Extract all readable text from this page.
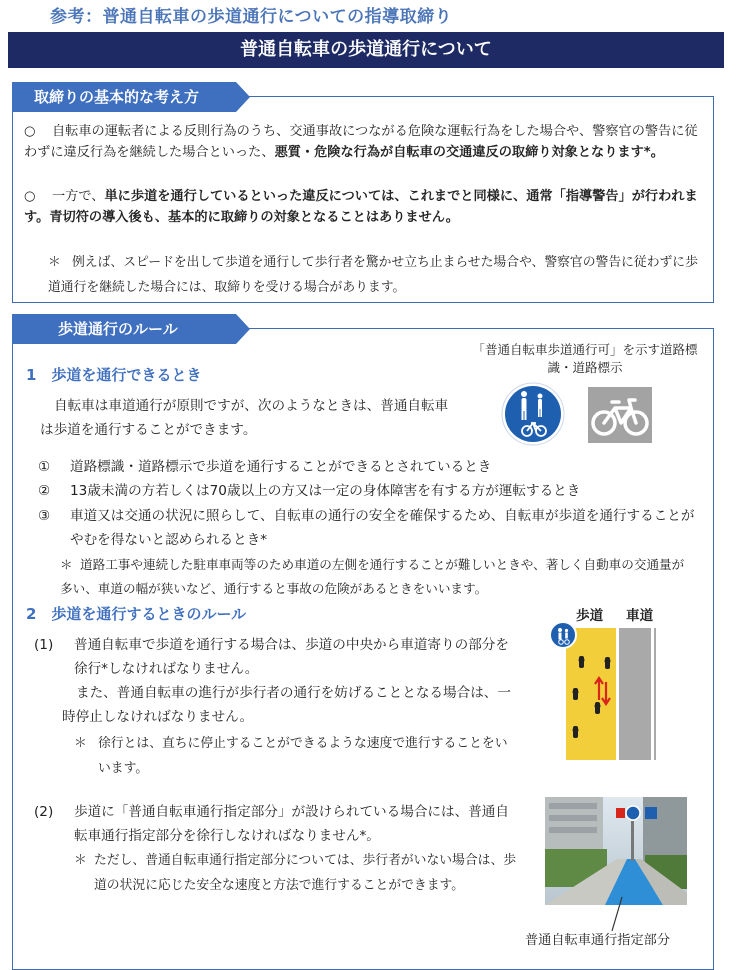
参考：普通自転車の歩道通行についての指導取締り
普通自転車の歩道通行について
取締りの基本的な考え方
○ 自転車の運転者による反則行為のうち、交通事故につながる危険な運転行為をした場合や、警察官の警告に従わずに違反行為を継続した場合といった、悪質・危険な行為が自転車の交通違反の取締り対象となります*。
○ 一方で、単に歩道を通行しているといった違反については、これまでと同様に、通常「指導警告」が行われます。青切符の導入後も、基本的に取締りの対象となることはありません。
＊ 例えば、スピードを出して歩道を通行して歩行者を驚かせ立ち止まらせた場合や、警察官の警告に従わずに歩道通行を継続した場合には、取締りを受ける場合があります。
歩道通行のルール
1　歩道を通行できるとき
自転車は車道通行が原則ですが、次のようなときは、普通自転車は歩道を通行することができます。
「普通自転車歩道通行可」を示す道路標識・道路標示
① 道路標識・道路標示で歩道を通行することができるとされているとき
② 13歳未満の方若しくは70歳以上の方又は一定の身体障害を有する方が運転するとき
③ 車道又は交通の状況に照らして、自転車の通行の安全を確保するため、自転車が歩道を通行することがやむを得ないと認められるとき*
＊ 道路工事や連続した駐車車両等のため車道の左側を通行することが難しいときや、著しく自動車の交通量が多い、車道の幅が狭いなど、通行すると事故の危険があるときをいいます。
2　歩道を通行するときのルール	歩道 車道
(1) 普通自転車で歩道を通行する場合は、歩道の中央から車道寄りの部分を徐行*しなければなりません。
また、普通自転車の進行が歩行者の通行を妨げることとなる場合は、一時停止しなければなりません。
＊ 徐行とは、直ちに停止することができるような速度で進行することをいいます。
(2) 歩道に「普通自転車通行指定部分」が設けられている場合には、普通自転車通行指定部分を徐行しなければなりません*。
＊ ただし、普通自転車通行指定部分については、歩行者がいない場合は、歩道の状況に応じた安全な速度と方法で進行することができます。
普通自転車通行指定部分
